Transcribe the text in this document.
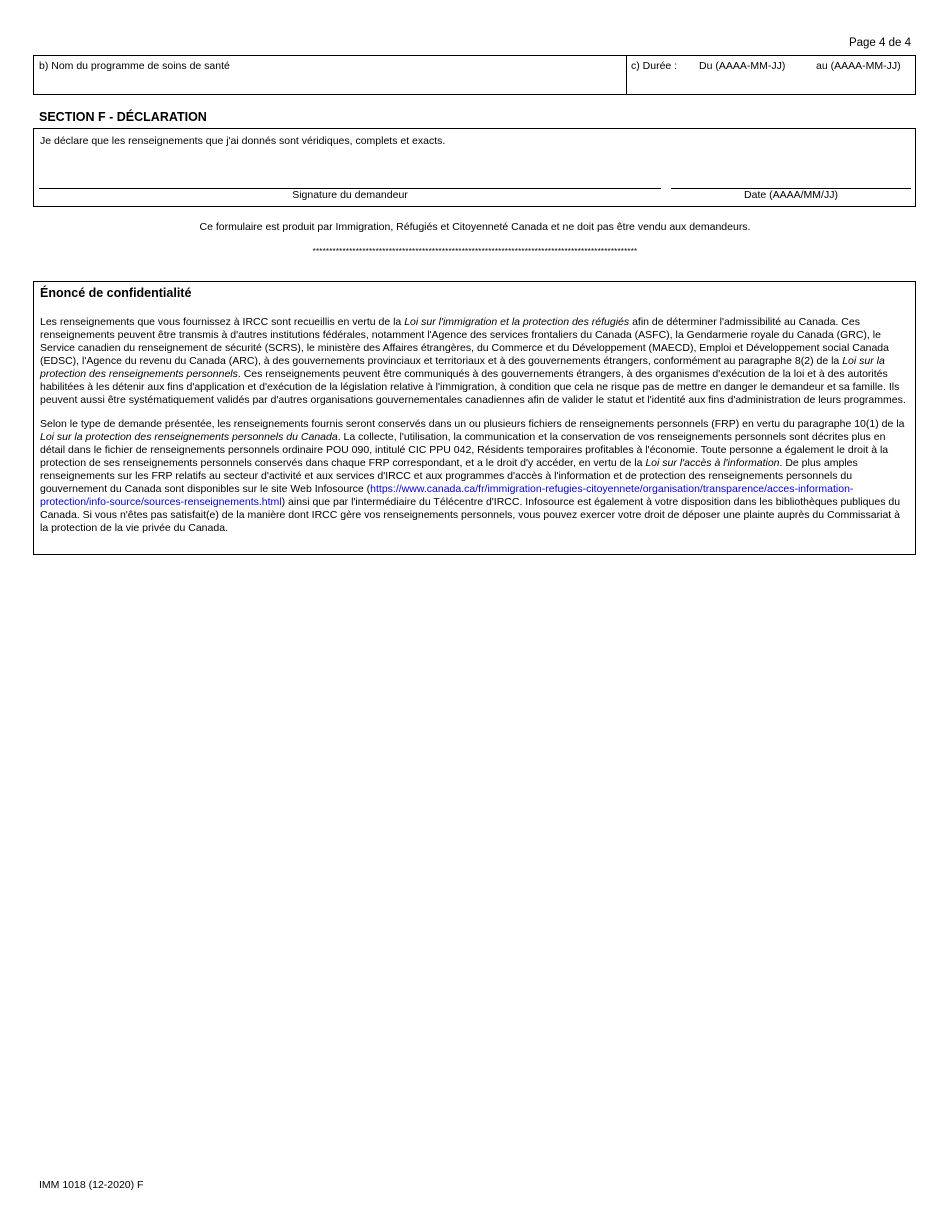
Page 4 de 4
b) Nom du programme de soins de santé	c) Durée : Du (AAAA-MM-JJ)	au (AAAA-MM-JJ)
SECTION F - DÉCLARATION
Je déclare que les renseignements que j'ai donnés sont véridiques, complets et exacts.
Signature du demandeur	Date (AAAA/MM/JJ)
Ce formulaire est produit par Immigration, Réfugiés et Citoyenneté Canada et ne doit pas être vendu aux demandeurs.
**************************************************************************************************
Énoncé de confidentialité

Les renseignements que vous fournissez à IRCC sont recueillis en vertu de la Loi sur l'immigration et la protection des réfugiés afin de déterminer l'admissibilité au Canada. Ces renseignements peuvent être transmis à d'autres institutions fédérales, notamment l'Agence des services frontaliers du Canada (ASFC), la Gendarmerie royale du Canada (GRC), le Service canadien du renseignement de sécurité (SCRS), le ministère des Affaires étrangères, du Commerce et du Développement (MAECD), Emploi et Développement social Canada (EDSC), l'Agence du revenu du Canada (ARC), à des gouvernements provinciaux et territoriaux et à des gouvernements étrangers, conformément au paragraphe 8(2) de la Loi sur la protection des renseignements personnels. Ces renseignements peuvent être communiqués à des gouvernements étrangers, à des organismes d'exécution de la loi et à des autorités habilitées à les détenir aux fins d'application et d'exécution de la législation relative à l'immigration, à condition que cela ne risque pas de mettre en danger le demandeur et sa famille. Ils peuvent aussi être systématiquement validés par d'autres organisations gouvernementales canadiennes afin de valider le statut et l'identité aux fins d'administration de leurs programmes.

Selon le type de demande présentée, les renseignements fournis seront conservés dans un ou plusieurs fichiers de renseignements personnels (FRP) en vertu du paragraphe 10(1) de la Loi sur la protection des renseignements personnels du Canada. La collecte, l'utilisation, la communication et la conservation de vos renseignements personnels sont décrites plus en détail dans le fichier de renseignements personnels ordinaire POU 090, intitulé CIC PPU 042, Résidents temporaires profitables à l'économie. Toute personne a également le droit à la protection de ses renseignements personnels conservés dans chaque FRP correspondant, et a le droit d'y accéder, en vertu de la Loi sur l'accès à l'information. De plus amples renseignements sur les FRP relatifs au secteur d'activité et aux services d'IRCC et aux programmes d'accès à l'information et de protection des renseignements personnels du gouvernement du Canada sont disponibles sur le site Web Infosource (https://www.canada.ca/fr/immigration-refugies-citoyennete/organisation/transparence/acces-information-protection/info-source/sources-renseignements.html) ainsi que par l'intermédiaire du Télécentre d'IRCC. Infosource est également à votre disposition dans les bibliothèques publiques du Canada. Si vous n'êtes pas satisfait(e) de la manière dont IRCC gère vos renseignements personnels, vous pouvez exercer votre droit de déposer une plainte auprès du Commissariat à la protection de la vie privée du Canada.

IMM 1018 (12-2020) F
